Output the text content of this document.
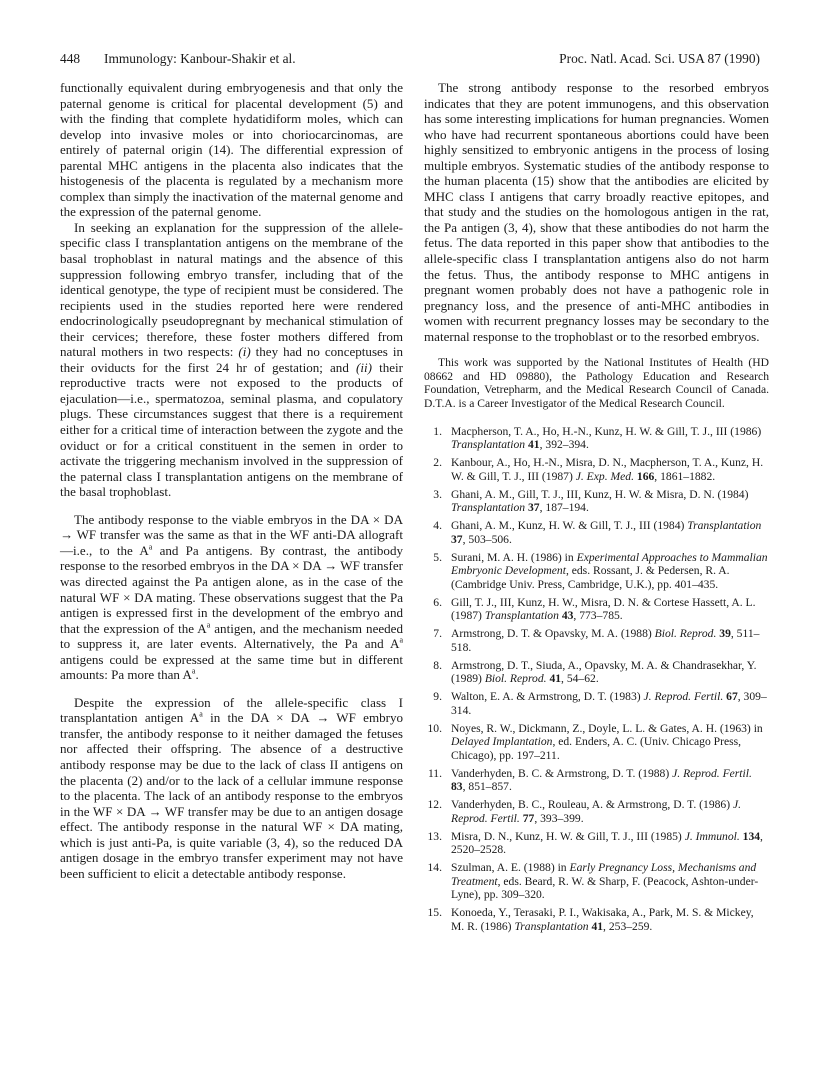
448 Immunology: Kanbour-Shakir et al.	Proc. Natl. Acad. Sci. USA 87 (1990)

functionally equivalent during embryogenesis and that only the paternal genome is critical for placental development (5) and with the finding that complete hydatidiform moles, which can develop into invasive moles or into choriocarcinomas, are entirely of paternal origin (14). The differential expression of parental MHC antigens in the placenta also indicates that the histogenesis of the placenta is regulated by a mechanism more complex than simply the inactivation of the maternal genome and the expression of the paternal genome.

In seeking an explanation for the suppression of the allele-specific class I transplantation antigens on the membrane of the basal trophoblast in natural matings and the absence of this suppression following embryo transfer, including that of the identical genotype, the type of recipient must be considered. The recipients used in the studies reported here were rendered endocrinologically pseudopregnant by mechanical stimulation of their cervices; therefore, these foster mothers differed from natural mothers in two respects: (i) they had no conceptuses in their oviducts for the first 24 hr of gestation; and (ii) their reproductive tracts were not exposed to the products of ejaculation—i.e., spermatozoa, seminal plasma, and copulatory plugs. These circumstances suggest that there is a requirement either for a critical time of interaction between the zygote and the oviduct or for a critical constituent in the semen in order to activate the triggering mechanism involved in the suppression of the paternal class I transplantation antigens on the membrane of the basal trophoblast.

The antibody response to the viable embryos in the DA × DA → WF transfer was the same as that in the WF anti-DA allograft—i.e., to the $A^a$ and Pa antigens. By contrast, the antibody response to the resorbed embryos in the DA × DA → WF transfer was directed against the Pa antigen alone, as in the case of the natural WF × DA mating. These observations suggest that the Pa antigen is expressed first in the development of the embryo and that the expression of the $A^a$ antigen, and the mechanism needed to suppress it, are later events. Alternatively, the Pa and $A^a$ antigens could be expressed at the same time but in different amounts: Pa more than $A^a$.

Despite the expression of the allele-specific class I transplantation antigen $A^a$ in the DA × DA → WF embryo transfer, the antibody response to it neither damaged the fetuses nor affected their offspring. The absence of a destructive antibody response may be due to the lack of class II antigens on the placenta (2) and/or to the lack of a cellular immune response to the placenta. The lack of an antibody response to the embryos in the WF × DA → WF transfer may be due to an antigen dosage effect. The antibody response in the natural WF × DA mating, which is just anti-Pa, is quite variable (3, 4), so the reduced DA antigen dosage in the embryo transfer experiment may not have been sufficient to elicit a detectable antibody response.

The strong antibody response to the resorbed embryos indicates that they are potent immunogens, and this observation has some interesting implications for human pregnancies. Women who have had recurrent spontaneous abortions could have been highly sensitized to embryonic antigens in the process of losing multiple embryos. Systematic studies of the antibody response to the human placenta (15) show that the antibodies are elicited by MHC class I antigens that carry broadly reactive epitopes, and that study and the studies on the homologous antigen in the rat, the Pa antigen (3, 4), show that these antibodies do not harm the fetus. The data reported in this paper show that antibodies to the allele-specific class I transplantation antigens also do not harm the fetus. Thus, the antibody response to MHC antigens in pregnant women probably does not have a pathogenic role in pregnancy loss, and the presence of anti-MHC antibodies in women with recurrent pregnancy losses may be secondary to the maternal response to the trophoblast or to the resorbed embryos.

This work was supported by the National Institutes of Health (HD 08662 and HD 09880), the Pathology Education and Research Foundation, Vetrepharm, and the Medical Research Council of Canada. D.T.A. is a Career Investigator of the Medical Research Council.

1. Macpherson, T. A., Ho, H.-N., Kunz, H. W. & Gill, T. J., III (1986) Transplantation 41, 392–394.
2. Kanbour, A., Ho, H.-N., Misra, D. N., Macpherson, T. A., Kunz, H. W. & Gill, T. J., III (1987) J. Exp. Med. 166, 1861–1882.
3. Ghani, A. M., Gill, T. J., III, Kunz, H. W. & Misra, D. N. (1984) Transplantation 37, 187–194.
4. Ghani, A. M., Kunz, H. W. & Gill, T. J., III (1984) Transplantation 37, 503–506.
5. Surani, M. A. H. (1986) in Experimental Approaches to Mammalian Embryonic Development, eds. Rossant, J. & Pedersen, R. A. (Cambridge Univ. Press, Cambridge, U.K.), pp. 401–435.
6. Gill, T. J., III, Kunz, H. W., Misra, D. N. & Cortese Hassett, A. L. (1987) Transplantation 43, 773–785.
7. Armstrong, D. T. & Opavsky, M. A. (1988) Biol. Reprod. 39, 511–518.
8. Armstrong, D. T., Siuda, A., Opavsky, M. A. & Chandrasekhar, Y. (1989) Biol. Reprod. 41, 54–62.
9. Walton, E. A. & Armstrong, D. T. (1983) J. Reprod. Fertil. 67, 309–314.
10. Noyes, R. W., Dickmann, Z., Doyle, L. L. & Gates, A. H. (1963) in Delayed Implantation, ed. Enders, A. C. (Univ. Chicago Press, Chicago), pp. 197–211.
11. Vanderhyden, B. C. & Armstrong, D. T. (1988) J. Reprod. Fertil. 83, 851–857.
12. Vanderhyden, B. C., Rouleau, A. & Armstrong, D. T. (1986) J. Reprod. Fertil. 77, 393–399.
13. Misra, D. N., Kunz, H. W. & Gill, T. J., III (1985) J. Immunol. 134, 2520–2528.
14. Szulman, A. E. (1988) in Early Pregnancy Loss, Mechanisms and Treatment, eds. Beard, R. W. & Sharp, F. (Peacock, Ashton-under-Lyne), pp. 309–320.
15. Konoeda, Y., Terasaki, P. I., Wakisaka, A., Park, M. S. & Mickey, M. R. (1986) Transplantation 41, 253–259.
